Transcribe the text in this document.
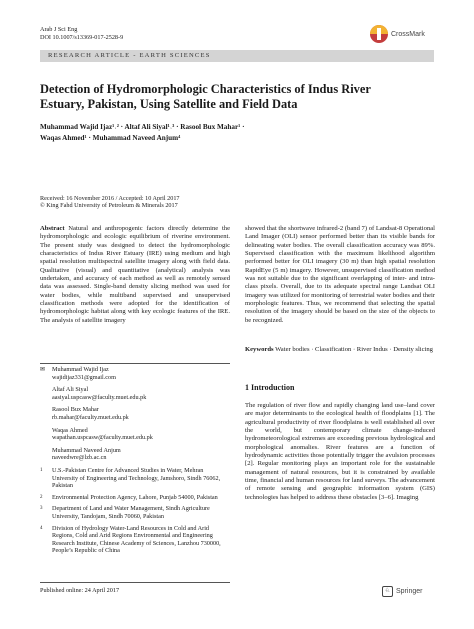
Arab J Sci Eng
DOI 10.1007/s13369-017-2528-9	CrossMark
RESEARCH ARTICLE - EARTH SCIENCES
Detection of Hydromorphologic Characteristics of Indus River
Estuary, Pakistan, Using Satellite and Field Data
Muhammad Wajid Ijaz¹˒² · Altaf Ali Siyal¹˒³ · Rasool Bux Mahar¹ ·
Waqas Ahmed¹ · Muhammad Naveed Anjum⁴
Received: 16 November 2016 / Accepted: 10 April 2017
© King Fahd University of Petroleum & Minerals 2017
Abstract Natural and anthropogenic factors directly determine the hydromorphologic and ecologic equilibrium of riverine environment. The present study was designed to detect the hydromorphologic characteristics of Indus River Estuary (IRE) using medium and high spatial resolution multispectral satellite imagery along with field data. Qualitative (visual) and quantitative (analytical) analysis was undertaken, and accuracy of each method as well as remotely sensed data was assessed. Single-band density slicing method was used for water bodies, while multiband supervised and unsupervised classification methods were adopted for the identification of hydromorphologic habitat along with key ecologic features of the IRE. The analysis of satellite imagery
showed that the shortwave infrared-2 (band 7) of Landsat-8 Operational Land Imager (OLI) sensor performed better than its visible bands for delineating water bodies. The overall classification accuracy was 89%. Supervised classification with the maximum likelihood algorithm performed better for OLI imagery (30 m) than high spatial resolution RapidEye (5 m) imagery. However, unsupervised classification method was not suitable due to the significant overlapping of inter- and intra-class pixels. Overall, due to its adequate spectral range Landsat OLI imagery was utilized for monitoring of terrestrial water bodies and their morphologic features. Thus, we recommend that selecting the spatial resolution of the imagery should be based on the size of the objects to be recognized.
Keywords Water bodies · Classification · River Indus · Density slicing
✉ Muhammad Wajid Ijaz
wajidijaz331@gmail.com
Altaf Ali Siyal
aasiyal.uspcasw@faculty.muet.edu.pk
Rasool Bux Mahar
rb.mahar@faculty.muet.edu.pk
Waqas Ahmed
wapathan.uspcasw@faculty.muet.edu.pk
Muhammad Naveed Anjum
naveedwre@lzb.ac.cn
1 U.S.-Pakistan Centre for Advanced Studies in Water, Mehran University of Engineering and Technology, Jamshoro, Sindh 76062, Pakistan
2 Environmental Protection Agency, Lahore, Punjab 54000, Pakistan
3 Department of Land and Water Management, Sindh Agriculture University, Tandojam, Sindh 70060, Pakistan
4 Division of Hydrology Water-Land Resources in Cold and Arid Regions, Cold and Arid Regions Environmental and Engineering Research Institute, Chinese Academy of Sciences, Lanzhou 730000, People’s Republic of China
1 Introduction
The regulation of river flow and rapidly changing land use–land cover are major determinants to the ecological health of floodplains [1]. The agricultural productivity of river floodplains is well established all over the world, but contemporary climate change-induced hydrometeorological extremes are exceeding previous hydrological and morphological anomalies. River features are a function of hydrodynamic activities those potentially trigger the avulsion processes [2]. Regular monitoring plays an important role for the sustainable management of natural resources, but it is constrained by available time, financial and human resources for land surveys. The advancement of remote sensing and geographic information system (GIS) technologies has helped to address these obstacles [3–6]. Imaging
Published online: 24 April 2017	♘ Springer
